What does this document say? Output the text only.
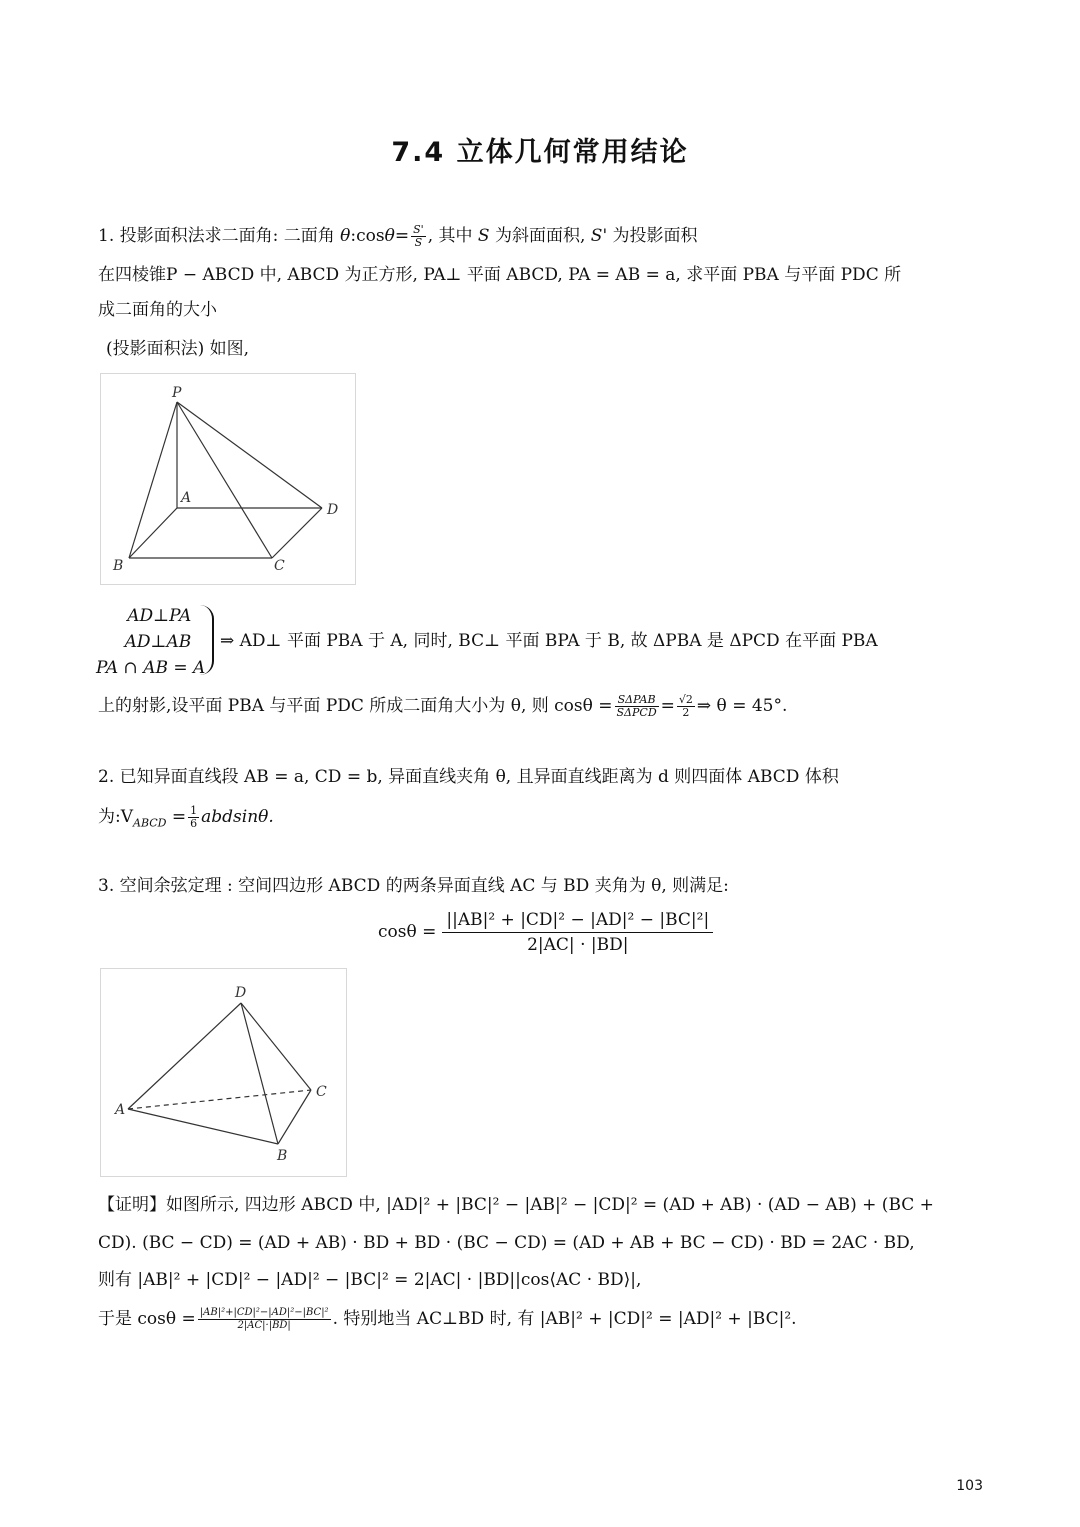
7.4 立体几何常用结论
1. 投影面积法求二面角: 二面角 θ:cosθ= $\frac{S'}{S}$ , 其中 S 为斜面面积, S' 为投影面积
在四棱锥P − ABCD 中, ABCD 为正方形, PA⊥ 平面 ABCD, PA = AB = a, 求平面 PBA 与平面 PDC 所
成二面角的大小
(投影面积法) 如图,
P
A
D
B	C
AD⊥PA
AD⊥AB
PA ∩ AB = A
⇒ AD⊥ 平面 PBA 于 A, 同时, BC⊥ 平面 BPA 于 B, 故 ΔPBA 是 ΔPCD 在平面 PBA
上的射影,设平面 PBA 与平面 PDC 所成二面角大小为 θ, 则 $\cos\theta = \frac{\text{SΔPAB}}{\text{SΔPCD}} = \frac{√2}{2}$ ⇒ θ = 45°.
2. 已知异面直线段 AB = a, CD = b, 异面直线夹角 θ, 且异面直线距离为 d 则四面体 ABCD 体积
为$:V_{ABCD} = \frac{1}{6} abdsin\theta$.
3. 空间余弦定理 : 空间四边形 ABCD 的两条异面直线 AC 与 BD 夹角为 θ, 则满足:
$\cos\theta = \frac{\text{||AB|² + |CD|² − |AD|² − |BC|²|}}{2|AC| \cdot |BD|}$
D
A
C
B
【证明】如图所示, 四边形 ABCD 中, |AD|² + |BC|² − |AB|² − |CD|² = (AD + AB) · (AD − AB) + (BC +
CD). (BC − CD) = (AD + AB) · BD + BD · (BC − CD) = (AD + AB + BC − CD) · BD = 2AC · BD,
则有 |AB|² + |CD|² − |AD|² − |BC|² = 2|AC| · |BD||cos⟨AC · BD⟩|,
于是 $\cos\theta = \frac{\text{|AB|²+|CD|²−|AD|²−|BC|²}}{2|AC|\cdot|BD|}$ . 特别地当 AC⊥BD 时, 有 |AB|² + |CD|² = |AD|² + |BC|².
103
